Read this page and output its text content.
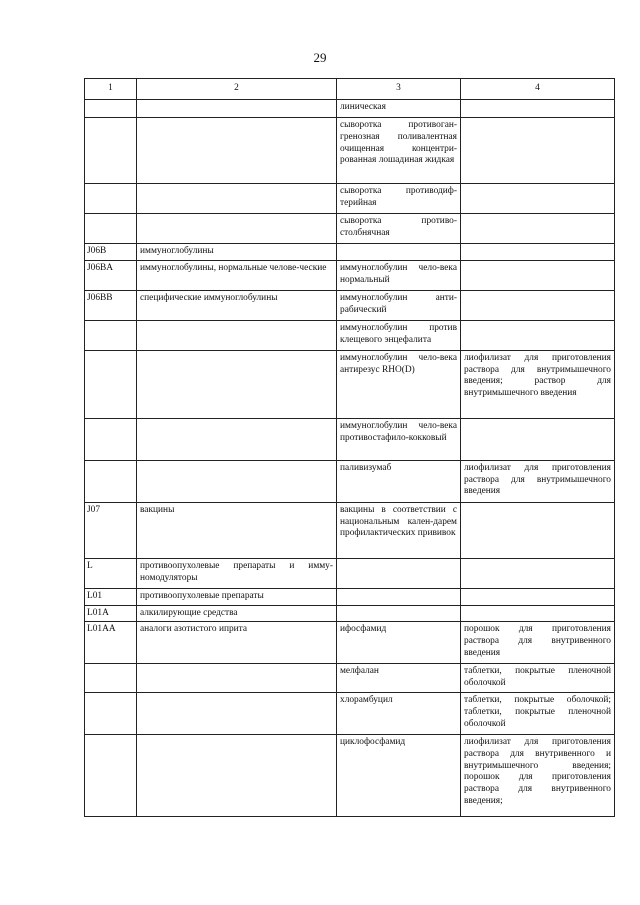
29
1	2	3	4
		линическая	
		сыворотка противоган-гренозная поливалентная очищенная концентри-рованная лошадиная жидкая	
		сыворотка противодиф-терийная	
		сыворотка противо-столбнячная	
J06B	иммуноглобулины		
J06BA	иммуноглобулины, нормальные челове-ческие	иммуноглобулин чело-века нормальный	
J06BB	специфические иммуноглобулины	иммуноглобулин анти-рабический	
		иммуноглобулин против клещевого энцефалита	
		иммуноглобулин чело-века антирезус RHO(D)	лиофилизат для приготовления раствора для внутримышечного введения; раствор для внутримышечного введения
		иммуноглобулин чело-века противостафило-кокковый	
		паливизумаб	лиофилизат для приготовления раствора для внутримышечного введения
J07	вакцины	вакцины в соответствии с национальным кален-дарем профилактических прививок	
L	противоопухолевые препараты и имму-номодуляторы		
L01	противоопухолевые препараты		
L01A	алкилирующие средства		
L01AA	аналоги азотистого иприта	ифосфамид	порошок для приготовления раствора для внутривенного введения
		мелфалан	таблетки, покрытые пленочной оболочкой
		хлорамбуцил	таблетки, покрытые оболочкой; таблетки, покрытые пленочной оболочкой
		циклофосфамид	лиофилизат для приготовления раствора для внутривенного и внутримышечного введения; порошок для приготовления раствора для внутривенного введения;
